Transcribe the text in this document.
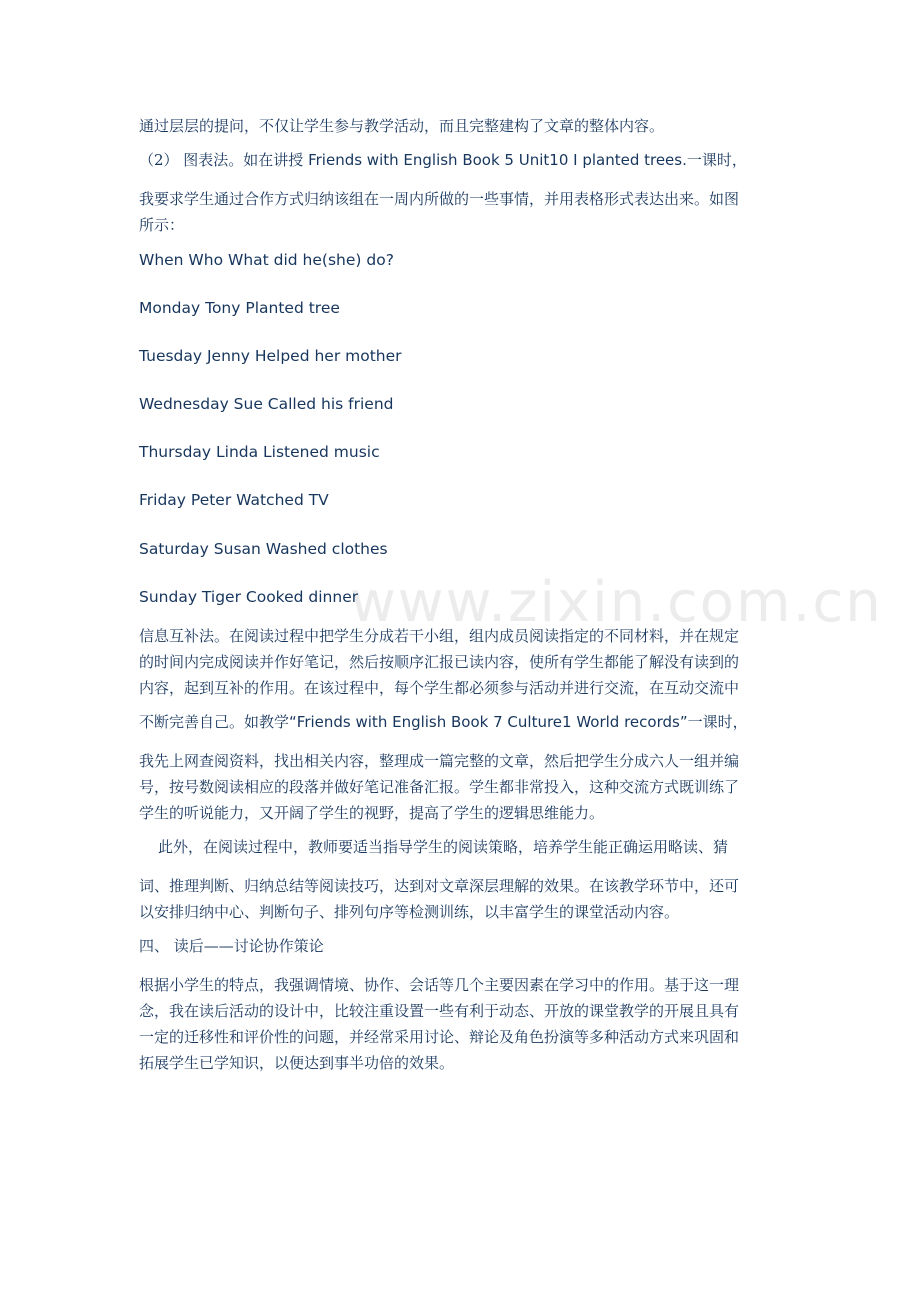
www.zixin.com.cn
通过层层的提问，不仅让学生参与教学活动，而且完整建构了文章的整体内容。
（2） 图表法。如在讲授 Friends with English Book 5 Unit10 I planted trees.一课时，
我要求学生通过合作方式归纳该组在一周内所做的一些事情，并用表格形式表达出来。如图
所示：
When Who What did he(she) do?
Monday Tony Planted tree
Tuesday Jenny Helped her mother
Wednesday Sue Called his friend
Thursday Linda Listened music
Friday Peter Watched TV
Saturday Susan Washed clothes
Sunday Tiger Cooked dinner
信息互补法。在阅读过程中把学生分成若干小组，组内成员阅读指定的不同材料，并在规定
的时间内完成阅读并作好笔记，然后按顺序汇报已读内容，使所有学生都能了解没有读到的
内容，起到互补的作用。在该过程中，每个学生都必须参与活动并进行交流，在互动交流中
不断完善自己。如教学“Friends with English Book 7 Culture1 World records”一课时，
我先上网查阅资料，找出相关内容，整理成一篇完整的文章，然后把学生分成六人一组并编
号，按号数阅读相应的段落并做好笔记准备汇报。学生都非常投入，这种交流方式既训练了
学生的听说能力，又开阔了学生的视野，提高了学生的逻辑思维能力。
此外，在阅读过程中，教师要适当指导学生的阅读策略，培养学生能正确运用略读、猜
词、推理判断、归纳总结等阅读技巧，达到对文章深层理解的效果。在该教学环节中，还可
以安排归纳中心、判断句子、排列句序等检测训练，以丰富学生的课堂活动内容。
四、 读后——讨论协作策论
根据小学生的特点，我强调情境、协作、会话等几个主要因素在学习中的作用。基于这一理
念，我在读后活动的设计中，比较注重设置一些有利于动态、开放的课堂教学的开展且具有
一定的迁移性和评价性的问题，并经常采用讨论、辩论及角色扮演等多种活动方式来巩固和
拓展学生已学知识，以便达到事半功倍的效果。
